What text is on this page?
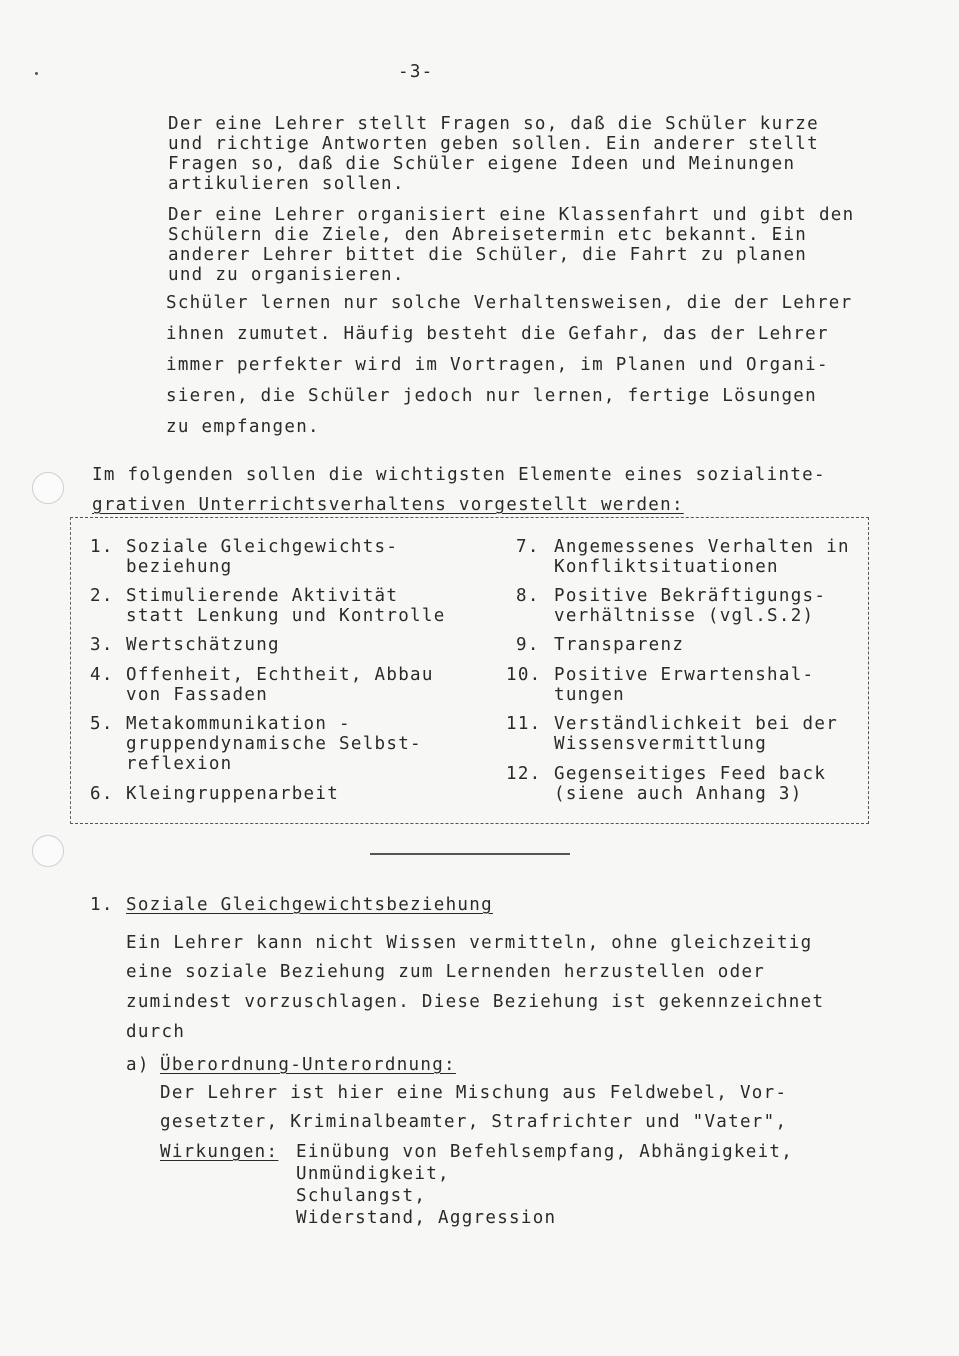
-3-
Der eine Lehrer stellt Fragen so, daß die Schüler kurze
und richtige Antworten geben sollen. Ein anderer stellt
Fragen so, daß die Schüler eigene Ideen und Meinungen
artikulieren sollen.
Der eine Lehrer organisiert eine Klassenfahrt und gibt den
Schülern die Ziele, den Abreisetermin etc bekannt. Ein
anderer Lehrer bittet die Schüler, die Fahrt zu planen
und zu organisieren.
Schüler lernen nur solche Verhaltensweisen, die der Lehrer
ihnen zumutet. Häufig besteht die Gefahr, das der Lehrer
immer perfekter wird im Vortragen, im Planen und Organi-
sieren, die Schüler jedoch nur lernen, fertige Lösungen
zu empfangen.
Im folgenden sollen die wichtigsten Elemente eines sozialinte-
grativen Unterrichtsverhaltens vorgestellt werden:
1. Soziale Gleichgewichts-
beziehung
2. Stimulierende Aktivität
statt Lenkung und Kontrolle
3. Wertschätzung
4. Offenheit, Echtheit, Abbau
von Fassaden
5. Metakommunikation -
gruppendynamische Selbst-
reflexion
6. Kleingruppenarbeit
7. Angemessenes Verhalten in
Konfliktsituationen
8. Positive Bekräftigungs-
verhältnisse (vgl.S.2)
9. Transparenz
10. Positive Erwartenshal-
tungen
11. Verständlichkeit bei der
Wissensvermittlung
12. Gegenseitiges Feed back
(siene auch Anhang 3)
1. Soziale Gleichgewichtsbeziehung
Ein Lehrer kann nicht Wissen vermitteln, ohne gleichzeitig
eine soziale Beziehung zum Lernenden herzustellen oder
zumindest vorzuschlagen. Diese Beziehung ist gekennzeichnet
durch
a) Überordnung-Unterordnung:
Der Lehrer ist hier eine Mischung aus Feldwebel, Vor-
gesetzter, Kriminalbeamter, Strafrichter und "Vater",
Wirkungen: Einübung von Befehlsempfang, Abhängigkeit,
Unmündigkeit,
Schulangst,
Widerstand, Aggression
